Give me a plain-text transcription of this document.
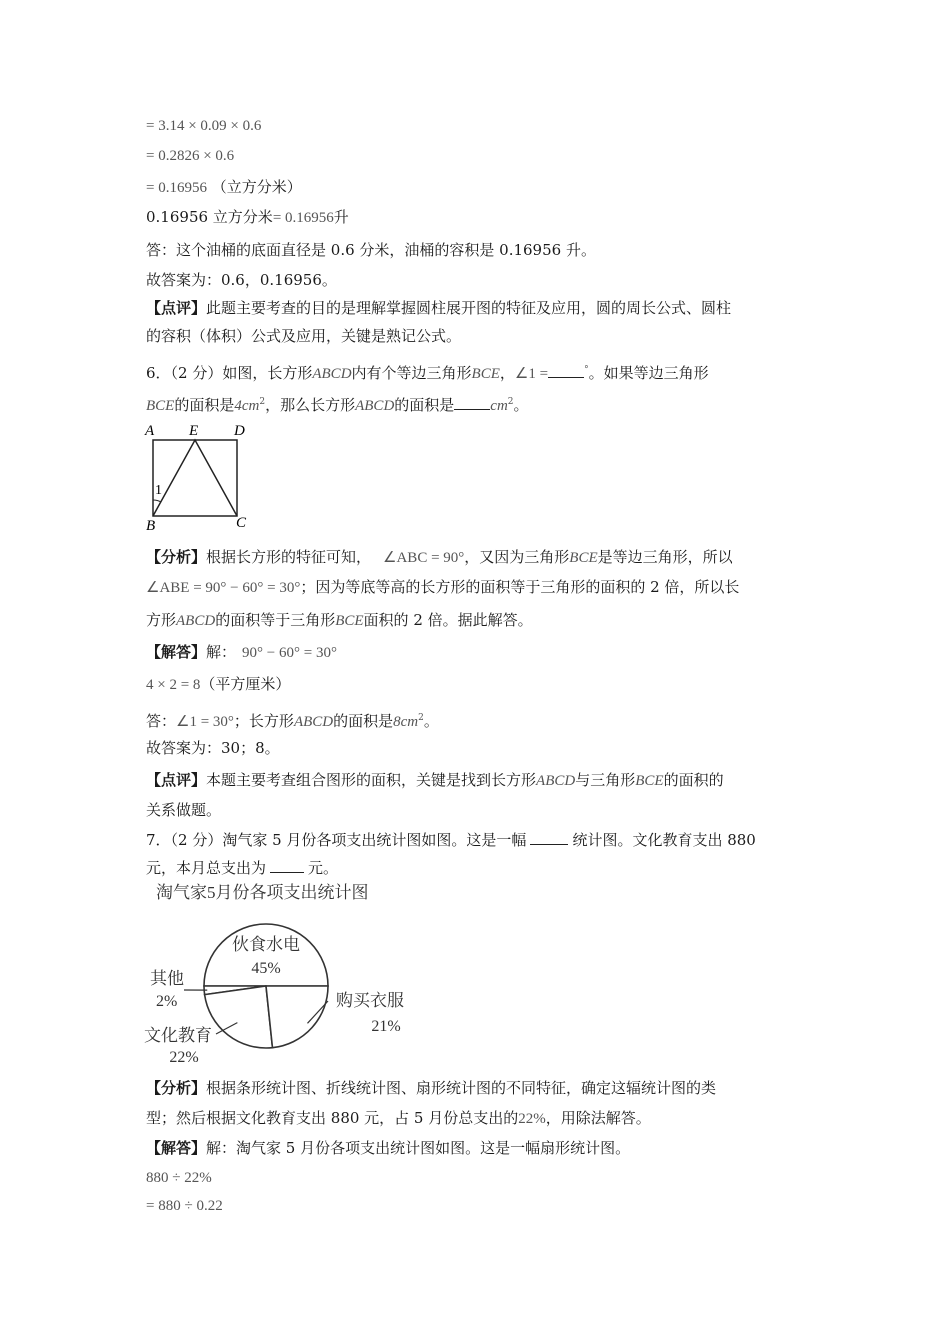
= 3.14 × 0.09 × 0.6
= 0.2826 × 0.6
= 0.16956 （立方分米）
0.16956 立方分米= 0.16956升
答：这个油桶的底面直径是 0.6 分米，油桶的容积是 0.16956 升。
故答案为：0.6，0.16956。
【点评】此题主要考查的目的是理解掌握圆柱展开图的特征及应用，圆的周长公式、圆柱
的容积（体积）公式及应用，关键是熟记公式。
6．（2 分）如图，长方形ABCD内有个等边三角形BCE，∠1 =	°。如果等边三角形
BCE的面积是$4cm^2$，那么长方形ABCD的面积是 $cm^2$。
A E D
B	C
1
【分析】根据长方形的特征可知， ∠ABC = 90°，又因为三角形BCE是等边三角形，所以
∠ABE = 90° − 60° = 30°；因为等底等高的长方形的面积等于三角形的面积的 2 倍，所以长
方形ABCD的面积等于三角形BCE面积的 2 倍。据此解答。
【解答】解： 90° − 60° = 30°
4 × 2 = 8（平方厘米）
答：∠1 = 30°；长方形ABCD的面积是$8cm^2$。
故答案为：30；8。
【点评】本题主要考查组合图形的面积，关键是找到长方形ABCD与三角形BCE的面积的
关系做题。
7．（2 分）淘气家 5 月份各项支出统计图如图。这是一幅	统计图。文化教育支出 880
元，本月总支出为	元。
淘气家5月份各项支出统计图
伙食水电
45%
购买衣服
21%
文化教育
22%
其他
2%
【分析】根据条形统计图、折线统计图、扇形统计图的不同特征，确定这辐统计图的类
型；然后根据文化教育支出 880 元，占 5 月份总支出的22%，用除法解答。
【解答】解：淘气家 5 月份各项支出统计图如图。这是一幅扇形统计图。
880 ÷ 22%
= 880 ÷ 0.22
